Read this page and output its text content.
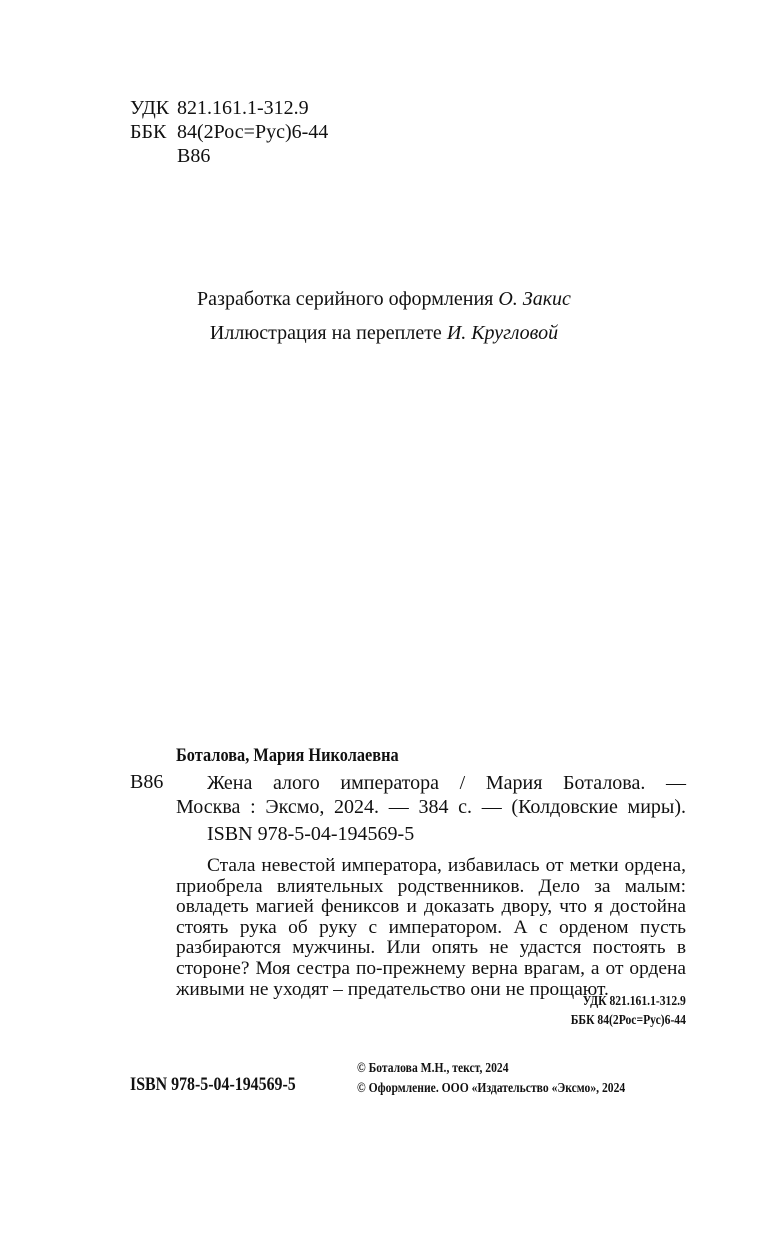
УДК 821.161.1-312.9
ББК 84(2Рос=Рус)6-44
В86
Разработка серийного оформления О. Закис
Иллюстрация на переплете И. Кругловой
Боталова, Мария Николаевна
В86 Жена алого императора / Мария Боталова. —
Москва : Эксмо, 2024. — 384 с. — (Колдовские миры).
ISBN 978-5-04-194569-5

Стала невестой императора, избавилась от метки ордена, приобрела влиятельных родственников. Дело за малым: овладеть магией фениксов и доказать двору, что я достойна стоять рука об руку с императором. А с орденом пусть разбираются мужчины. Или опять не удастся постоять в стороне? Моя сестра по-прежнему верна врагам, а от ордена живыми не уходят – предательство они не прощают.

УДК 821.161.1-312.9
ББК 84(2Рос=Рус)6-44
ISBN 978-5-04-194569-5
© Боталова М.Н., текст, 2024
© Оформление. ООО «Издательство «Эксмо», 2024
